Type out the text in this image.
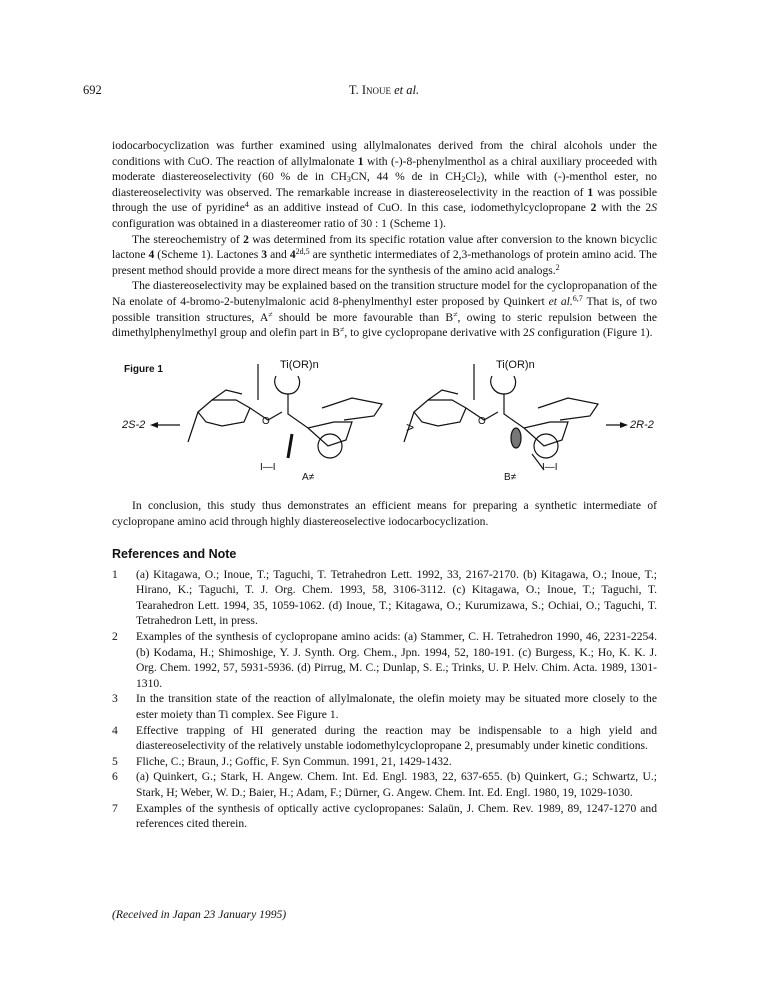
692	T. Inoue et al.

iodocarbocyclization was further examined using allylmalonates derived from the chiral alcohols under the conditions with CuO. The reaction of allylmalonate 1 with (-)-8-phenylmenthol as a chiral auxiliary proceeded with moderate diastereoselectivity (60 % de in $CH_3CN$, 44 % de in $CH_2Cl_2$), while with (-)-menthol ester, no diastereoselectivity was observed. The remarkable increase in diastereoselectivity in the reaction of 1 was possible through the use of pyridine$^4$ as an additive instead of CuO. In this case, iodomethylcyclopropane 2 with the 2S configuration was obtained in a diastereomer ratio of 30 : 1 (Scheme 1).

The stereochemistry of 2 was determined from its specific rotation value after conversion to the known bicyclic lactone 4 (Scheme 1). Lactones 3 and $4^{2d,5}$ are synthetic intermediates of 2,3-methanologs of protein amino acid. The present method should provide a more direct means for the synthesis of the amino acid analogs.$^2$

The diastereoselectivity may be explained based on the transition structure model for the cyclopropanation of the Na enolate of 4-bromo-2-butenylmalonic acid 8-phenylmenthyl ester proposed by Quinkert et al.$^{6,7}$ That is, of two possible transition structures, A≠ should be more favourable than B≠, owing to steric repulsion between the dimethylphenylmethyl group and olefin part in B≠, to give cyclopropane derivative with 2S configuration (Figure 1).

Figure 1
2S-2	O
Ti(OR)n
I—I
A≠
>	O
Ti(OR)n
I—I
B≠
2R-2

In conclusion, this study thus demonstrates an efficient means for preparing a synthetic intermediate of cyclopropane amino acid through highly diastereoselective iodocarbocyclization.

References and Note
1	(a) Kitagawa, O.; Inoue, T.; Taguchi, T. Tetrahedron Lett. 1992, 33, 2167-2170. (b) Kitagawa, O.; Inoue, T.; Hirano, K.; Taguchi, T. J. Org. Chem. 1993, 58, 3106-3112. (c) Kitagawa, O.; Inoue, T.; Taguchi, T. Tearahedron Lett. 1994, 35, 1059-1062. (d) Inoue, T.; Kitagawa, O.; Kurumizawa, S.; Ochiai, O.; Taguchi, T. Tetrahedron Lett, in press.
2	Examples of the synthesis of cyclopropane amino acids: (a) Stammer, C. H. Tetrahedron 1990, 46, 2231-2254. (b) Kodama, H.; Shimoshige, Y. J. Synth. Org. Chem., Jpn. 1994, 52, 180-191. (c) Burgess, K.; Ho, K. K. J. Org. Chem. 1992, 57, 5931-5936. (d) Pirrug, M. C.; Dunlap, S. E.; Trinks, U. P. Helv. Chim. Acta. 1989, 1301-1310.
3	In the transition state of the reaction of allylmalonate, the olefin moiety may be situated more closely to the ester moiety than Ti complex. See Figure 1.
4	Effective trapping of HI generated during the reaction may be indispensable to a high yield and diastereoselectivity of the relatively unstable iodomethylcyclopropane 2, presumably under kinetic conditions.
5	Fliche, C.; Braun, J.; Goffic, F. Syn Commun. 1991, 21, 1429-1432.
6	(a) Quinkert, G.; Stark, H. Angew. Chem. Int. Ed. Engl. 1983, 22, 637-655. (b) Quinkert, G.; Schwartz, U.; Stark, H; Weber, W. D.; Baier, H.; Adam, F.; Dürner, G. Angew. Chem. Int. Ed. Engl. 1980, 19, 1029-1030.
7	Examples of the synthesis of optically active cyclopropanes: Salaün, J. Chem. Rev. 1989, 89, 1247-1270 and references cited therein.
(Received in Japan 23 January 1995)
